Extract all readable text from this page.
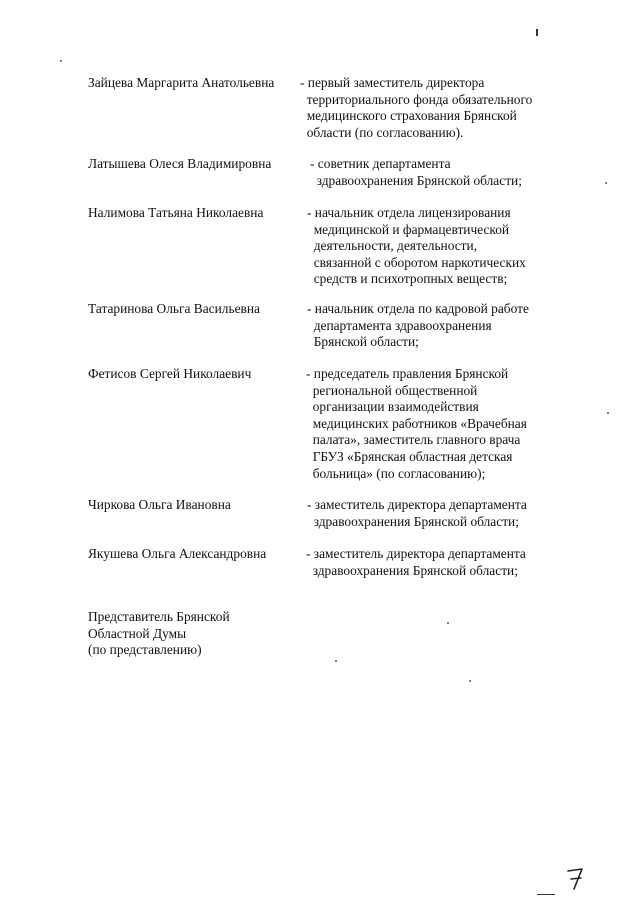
Зайцева Маргарита Анатольевна - первый заместитель директора
территориального фонда обязательного
медицинского страхования Брянской
области (по согласованию).
Латышева Олеся Владимировна	- советник департамента
здравоохранения Брянской области;
Налимова Татьяна Николаевна	- начальник отдела лицензирования
медицинской и фармацевтической
деятельности, деятельности,
связанной с оборотом наркотических
средств и психотропных веществ;
Татаринова Ольга Васильевна	- начальник отдела по кадровой работе
департамента здравоохранения
Брянской области;
Фетисов Сергей Николаевич	- председатель правления Брянской
региональной общественной
организации взаимодействия
медицинских работников «Врачебная
палата», заместитель главного врача
ГБУЗ «Брянская областная детская
больница» (по согласованию);
Чиркова Ольга Ивановна	- заместитель директора департамента
здравоохранения Брянской области;
Якушева Ольга Александровна	- заместитель директора департамента
здравоохранения Брянской области;
Представитель Брянской
Областной Думы
(по представлению)
